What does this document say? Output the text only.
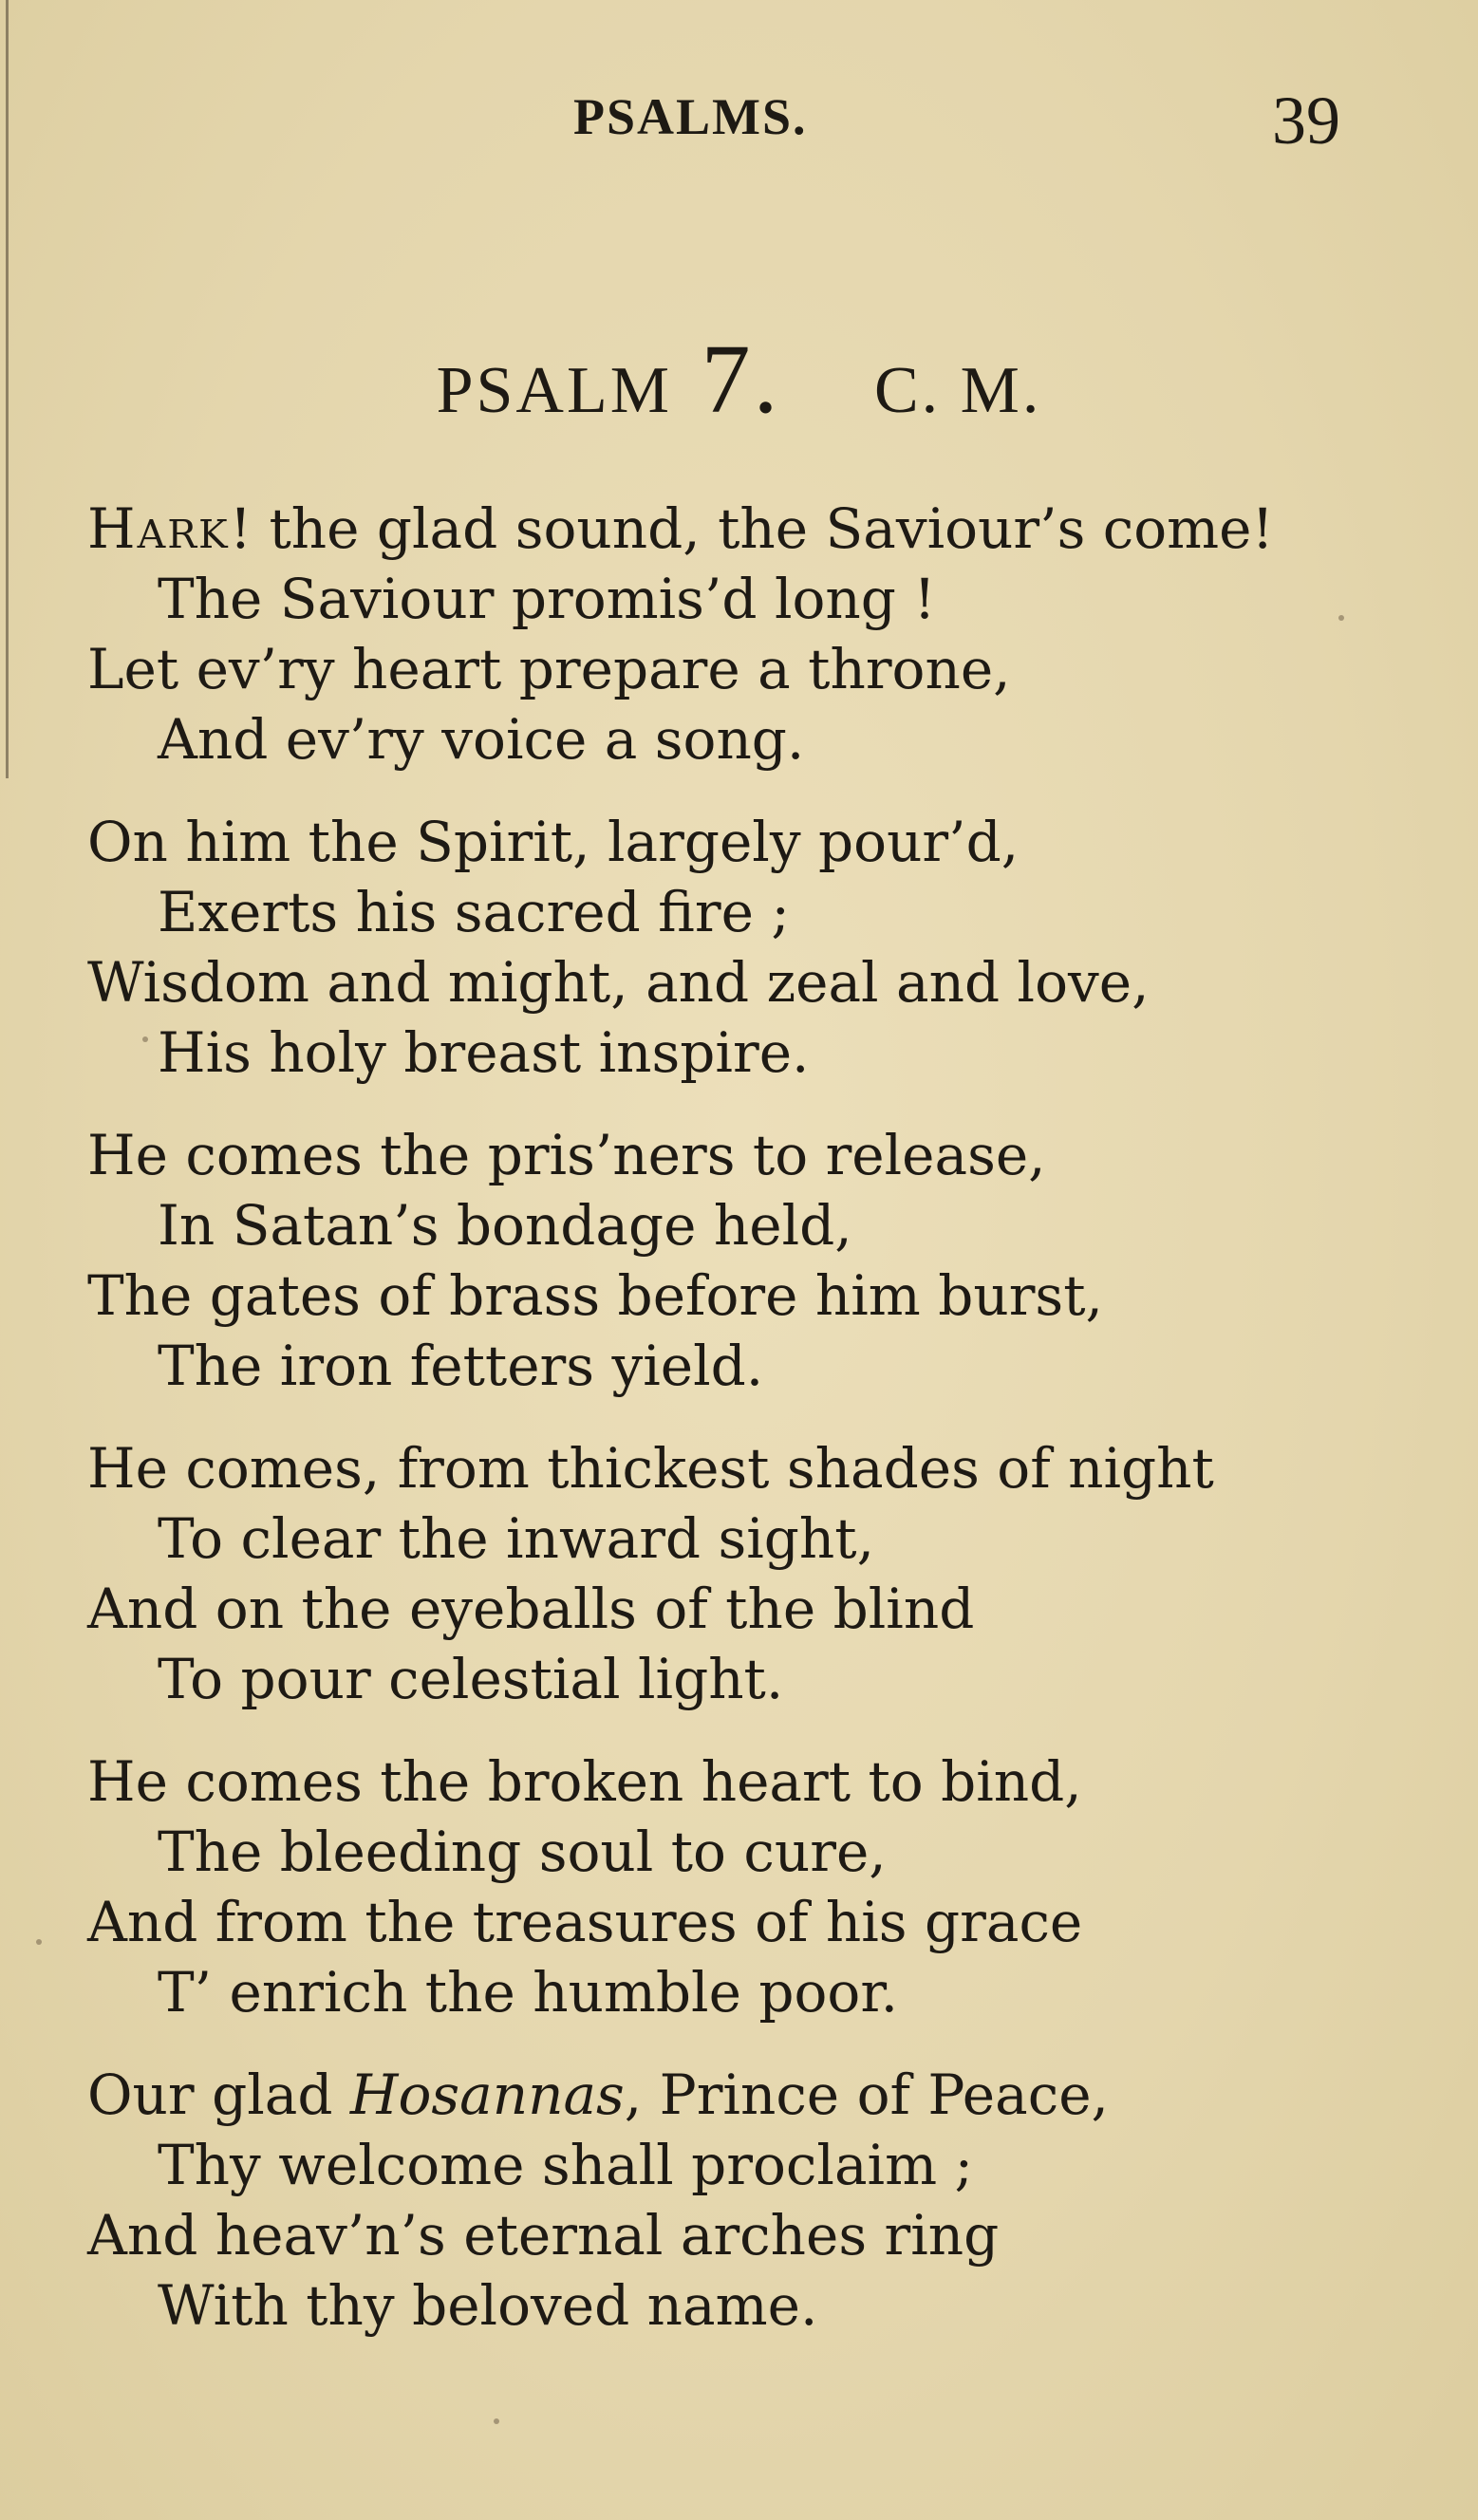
PSALMS.	39
PSALM 7. C. M.
Hark! the glad sound, the Saviour’s come!
The Saviour promis’d long !
Let ev’ry heart prepare a throne,
And ev’ry voice a song.
On him the Spirit, largely pour’d,
Exerts his sacred fire ;
Wisdom and might, and zeal and love,
His holy breast inspire.
He comes the pris’ners to release,
In Satan’s bondage held,
The gates of brass before him burst,
The iron fetters yield.
He comes, from thickest shades of night
To clear the inward sight,
And on the eyeballs of the blind
To pour celestial light.
He comes the broken heart to bind,
The bleeding soul to cure,
And from the treasures of his grace
T’ enrich the humble poor.
Our glad Hosannas, Prince of Peace,
Thy welcome shall proclaim ;
And heav’n’s eternal arches ring
With thy beloved name.
